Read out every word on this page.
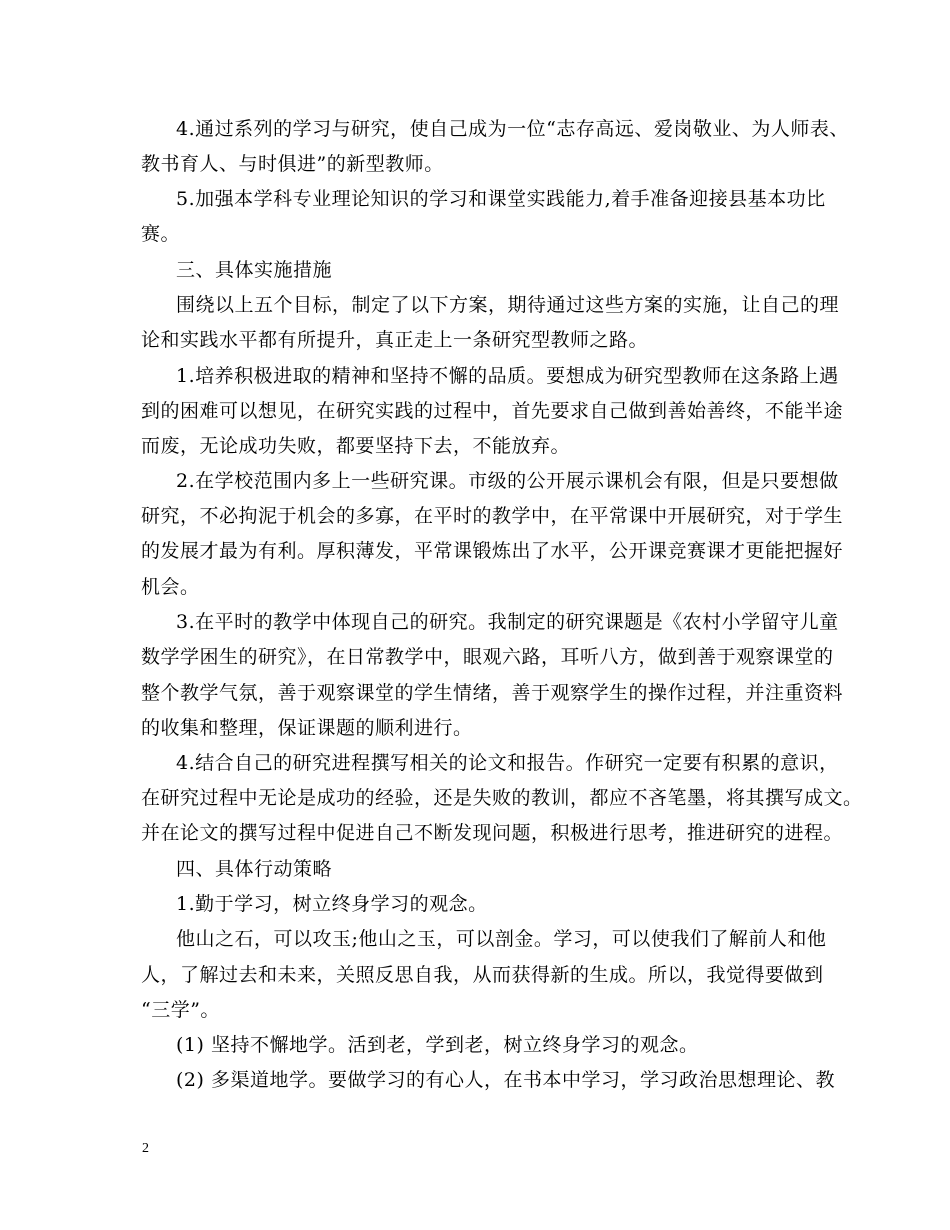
4.通过系列的学习与研究，使自己成为一位“志存高远、爱岗敬业、为人师表、
教书育人、与时俱进”的新型教师。
5.加强本学科专业理论知识的学习和课堂实践能力,着手准备迎接县基本功比
赛。
三、具体实施措施
围绕以上五个目标，制定了以下方案，期待通过这些方案的实施，让自己的理
论和实践水平都有所提升，真正走上一条研究型教师之路。
1.培养积极进取的精神和坚持不懈的品质。要想成为研究型教师在这条路上遇
到的困难可以想见，在研究实践的过程中，首先要求自己做到善始善终，不能半途
而废，无论成功失败，都要坚持下去，不能放弃。
2.在学校范围内多上一些研究课。市级的公开展示课机会有限，但是只要想做
研究，不必拘泥于机会的多寡，在平时的教学中，在平常课中开展研究，对于学生
的发展才最为有利。厚积薄发，平常课锻炼出了水平，公开课竞赛课才更能把握好
机会。
3.在平时的教学中体现自己的研究。我制定的研究课题是《农村小学留守儿童
数学学困生的研究》，在日常教学中，眼观六路，耳听八方，做到善于观察课堂的
整个教学气氛，善于观察课堂的学生情绪，善于观察学生的操作过程，并注重资料
的收集和整理，保证课题的顺利进行。
4.结合自己的研究进程撰写相关的论文和报告。作研究一定要有积累的意识，
在研究过程中无论是成功的经验，还是失败的教训，都应不吝笔墨，将其撰写成文。
并在论文的撰写过程中促进自己不断发现问题，积极进行思考，推进研究的进程。
四、具体行动策略
1.勤于学习，树立终身学习的观念。
他山之石，可以攻玉;他山之玉，可以剖金。学习，可以使我们了解前人和他
人，了解过去和未来，关照反思自我，从而获得新的生成。所以，我觉得要做到
“三学”。
(1) 坚持不懈地学。活到老，学到老，树立终身学习的观念。
(2) 多渠道地学。要做学习的有心人，在书本中学习，学习政治思想理论、教
2
